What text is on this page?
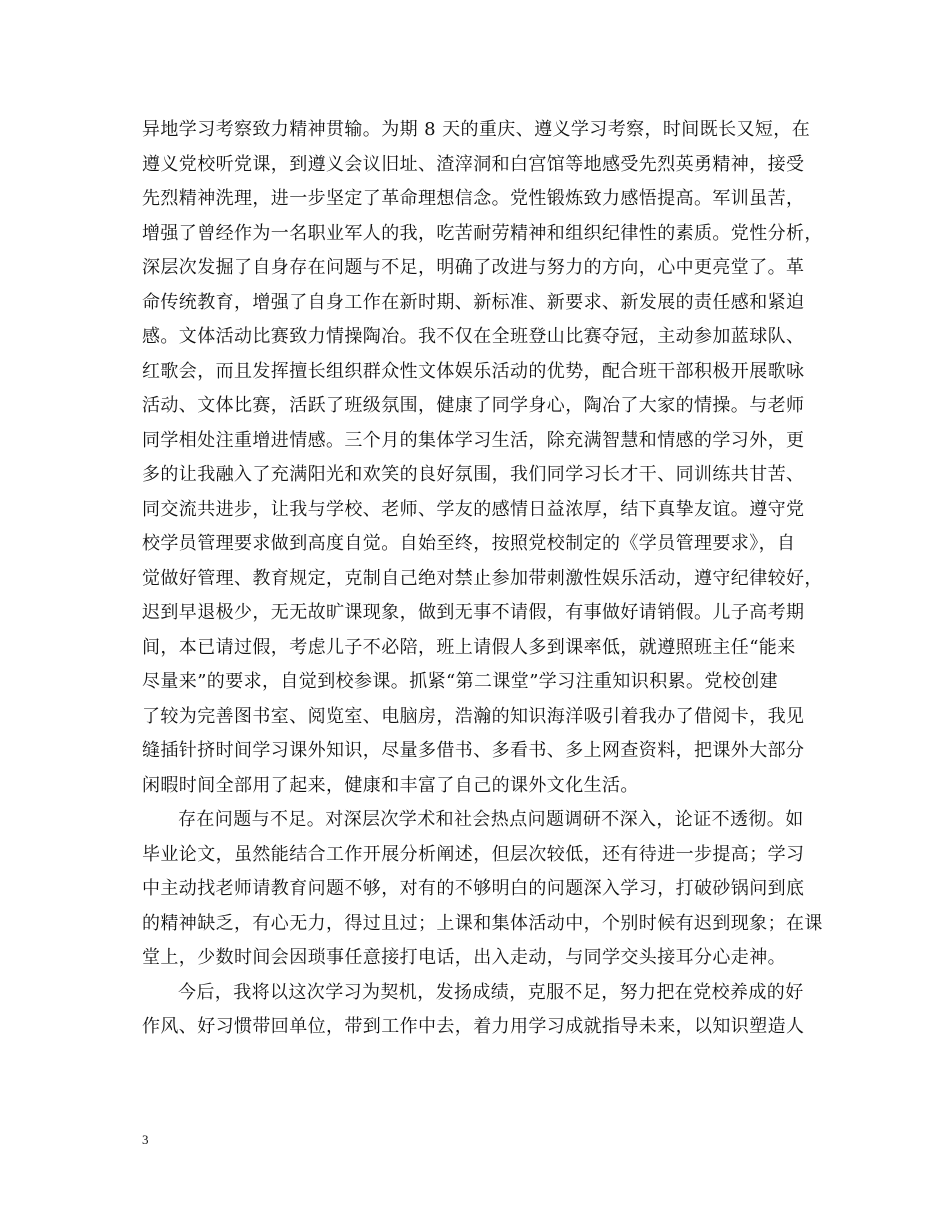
异地学习考察致力精神贯输。为期 8 天的重庆、遵义学习考察，时间既长又短，在
遵义党校听党课，到遵义会议旧址、渣滓洞和白宫馆等地感受先烈英勇精神，接受
先烈精神洗理，进一步坚定了革命理想信念。党性锻炼致力感悟提高。军训虽苦，
增强了曾经作为一名职业军人的我，吃苦耐劳精神和组织纪律性的素质。党性分析，
深层次发掘了自身存在问题与不足，明确了改进与努力的方向，心中更亮堂了。革
命传统教育，增强了自身工作在新时期、新标准、新要求、新发展的责任感和紧迫
感。文体活动比赛致力情操陶冶。我不仅在全班登山比赛夺冠，主动参加蓝球队、
红歌会，而且发挥擅长组织群众性文体娱乐活动的优势，配合班干部积极开展歌咏
活动、文体比赛，活跃了班级氛围，健康了同学身心，陶冶了大家的情操。与老师
同学相处注重增进情感。三个月的集体学习生活，除充满智慧和情感的学习外，更
多的让我融入了充满阳光和欢笑的良好氛围，我们同学习长才干、同训练共甘苦、
同交流共进步，让我与学校、老师、学友的感情日益浓厚，结下真挚友谊。遵守党
校学员管理要求做到高度自觉。自始至终，按照党校制定的《学员管理要求》，自
觉做好管理、教育规定，克制自己绝对禁止参加带刺激性娱乐活动，遵守纪律较好，
迟到早退极少，无无故旷课现象，做到无事不请假，有事做好请销假。儿子高考期
间，本已请过假，考虑儿子不必陪，班上请假人多到课率低，就遵照班主任“能来
尽量来”的要求，自觉到校参课。抓紧“第二课堂”学习注重知识积累。党校创建
了较为完善图书室、阅览室、电脑房，浩瀚的知识海洋吸引着我办了借阅卡，我见
缝插针挤时间学习课外知识，尽量多借书、多看书、多上网查资料，把课外大部分
闲暇时间全部用了起来，健康和丰富了自己的课外文化生活。
存在问题与不足。对深层次学术和社会热点问题调研不深入，论证不透彻。如
毕业论文，虽然能结合工作开展分析阐述，但层次较低，还有待进一步提高；学习
中主动找老师请教育问题不够，对有的不够明白的问题深入学习，打破砂锅问到底
的精神缺乏，有心无力，得过且过；上课和集体活动中，个别时候有迟到现象；在课
堂上，少数时间会因琐事任意接打电话，出入走动，与同学交头接耳分心走神。
今后，我将以这次学习为契机，发扬成绩，克服不足，努力把在党校养成的好
作风、好习惯带回单位，带到工作中去，着力用学习成就指导未来，以知识塑造人
3
